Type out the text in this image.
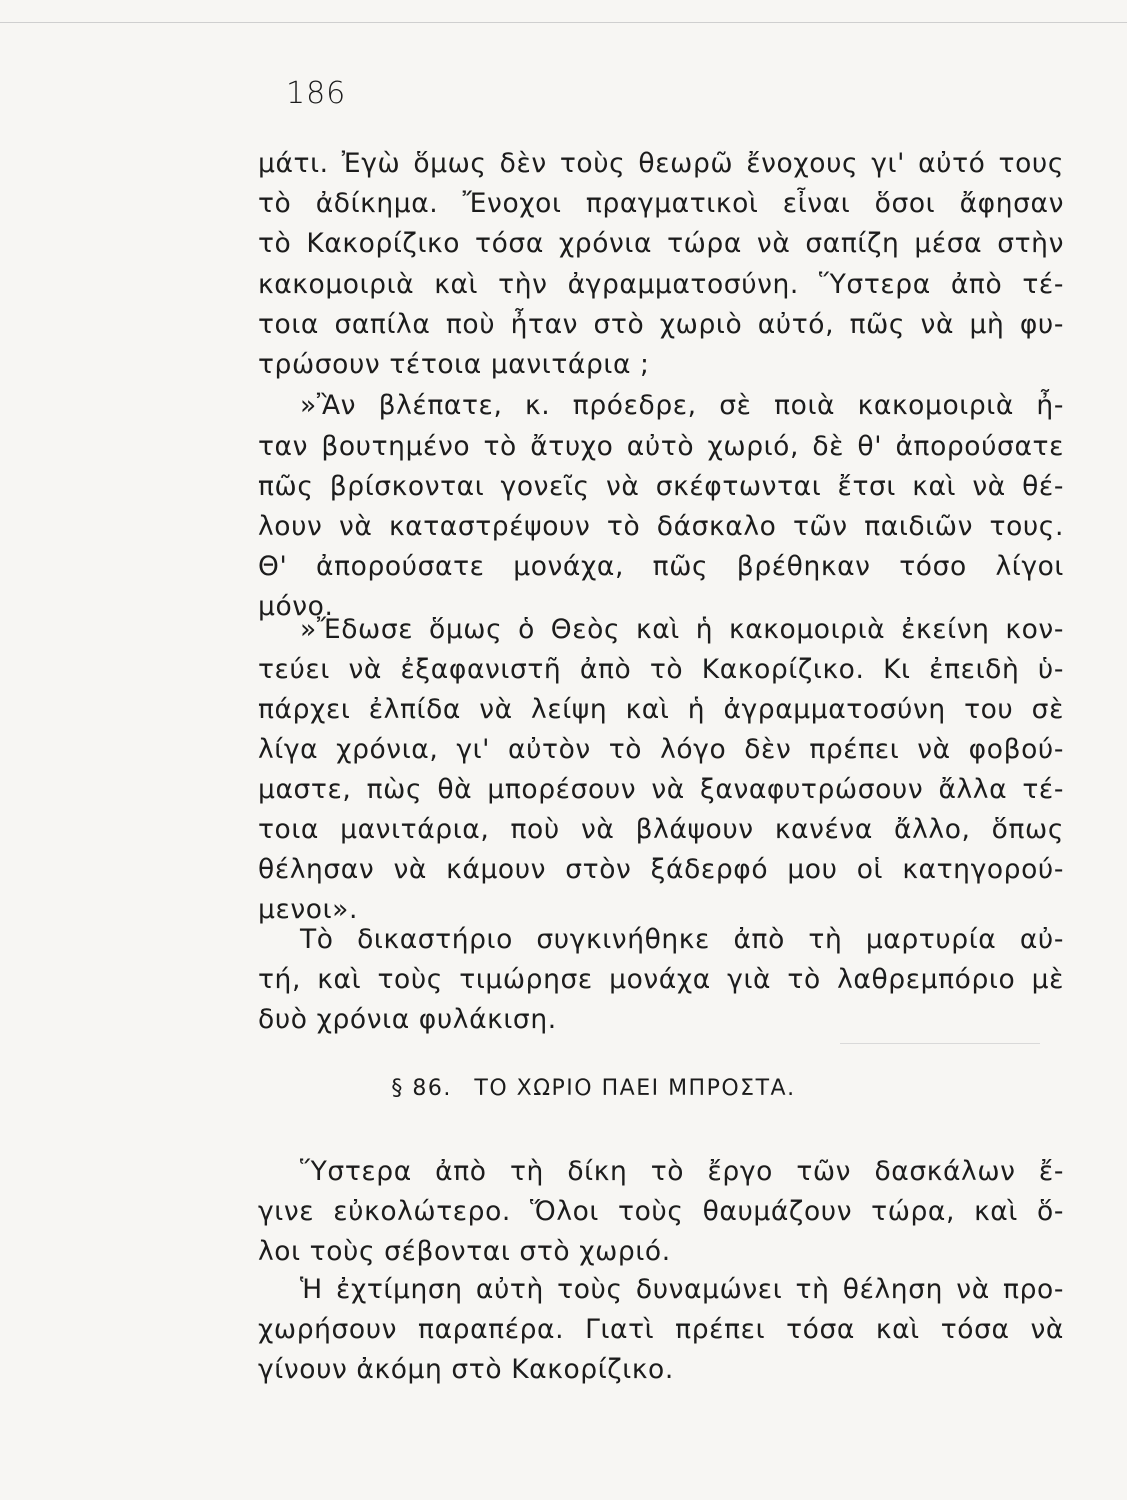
186

μάτι. Ἐγὼ ὅμως δὲν τοὺς θεωρῶ ἔνοχους γι' αὐτό τους

τὸ ἀδίκημα. Ἔνοχοι πραγματικοὶ εἶναι ὅσοι ἄφησαν

τὸ Κακορίζικο τόσα χρόνια τώρα νὰ σαπίζη μέσα στὴν

κακομοιριὰ καὶ τὴν ἀγραμματοσύνη. Ὕστερα ἀπὸ τέ-

τοια σαπίλα ποὺ ἦταν στὸ χωριὸ αὐτό, πῶς νὰ μὴ φυ-

τρώσουν τέτοια μανιτάρια ;

»Ἂν βλέπατε, κ. πρόεδρε, σὲ ποιὰ κακομοιριὰ ἦ-

ταν βουτημένο τὸ ἄτυχο αὐτὸ χωριό, δὲ θ' ἀπορούσατε

πῶς βρίσκονται γονεῖς νὰ σκέφτωνται ἔτσι καὶ νὰ θέ-

λουν νὰ καταστρέψουν τὸ δάσκαλο τῶν παιδιῶν τους.

Θ' ἀπορούσατε μονάχα, πῶς βρέθηκαν τόσο λίγοι

μόνο.

»Ἔδωσε ὅμως ὁ Θεὸς καὶ ἡ κακομοιριὰ ἐκείνη κον-

τεύει νὰ ἐξαφανιστῆ ἀπὸ τὸ Κακορίζικο. Κι ἐπειδὴ ὑ-

πάρχει ἐλπίδα νὰ λείψη καὶ ἡ ἀγραμματοσύνη του σὲ

λίγα χρόνια, γι' αὐτὸν τὸ λόγο δὲν πρέπει νὰ φοβού-

μαστε, πὼς θὰ μπορέσουν νὰ ξαναφυτρώσουν ἄλλα τέ-

τοια μανιτάρια, ποὺ νὰ βλάψουν κανένα ἄλλο, ὅπως

θέλησαν νὰ κάμουν στὸν ξάδερφό μου οἱ κατηγορού-

μενοι».

Τὸ δικαστήριο συγκινήθηκε ἀπὸ τὴ μαρτυρία αὐ-

τή, καὶ τοὺς τιμώρησε μονάχα γιὰ τὸ λαθρεμπόριο μὲ

δυὸ χρόνια φυλάκιση.

§ 86. ΤΟ ΧΩΡΙΟ ΠΑΕΙ ΜΠΡΟΣΤΑ.

Ὕστερα ἀπὸ τὴ δίκη τὸ ἔργο τῶν δασκάλων ἔ-

γινε εὐκολώτερο. Ὅλοι τοὺς θαυμάζουν τώρα, καὶ ὅ-

λοι τοὺς σέβονται στὸ χωριό.

Ἡ ἐχτίμηση αὐτὴ τοὺς δυναμώνει τὴ θέληση νὰ προ-

χωρήσουν παραπέρα. Γιατὶ πρέπει τόσα καὶ τόσα νὰ

γίνουν ἀκόμη στὸ Κακορίζικο.
